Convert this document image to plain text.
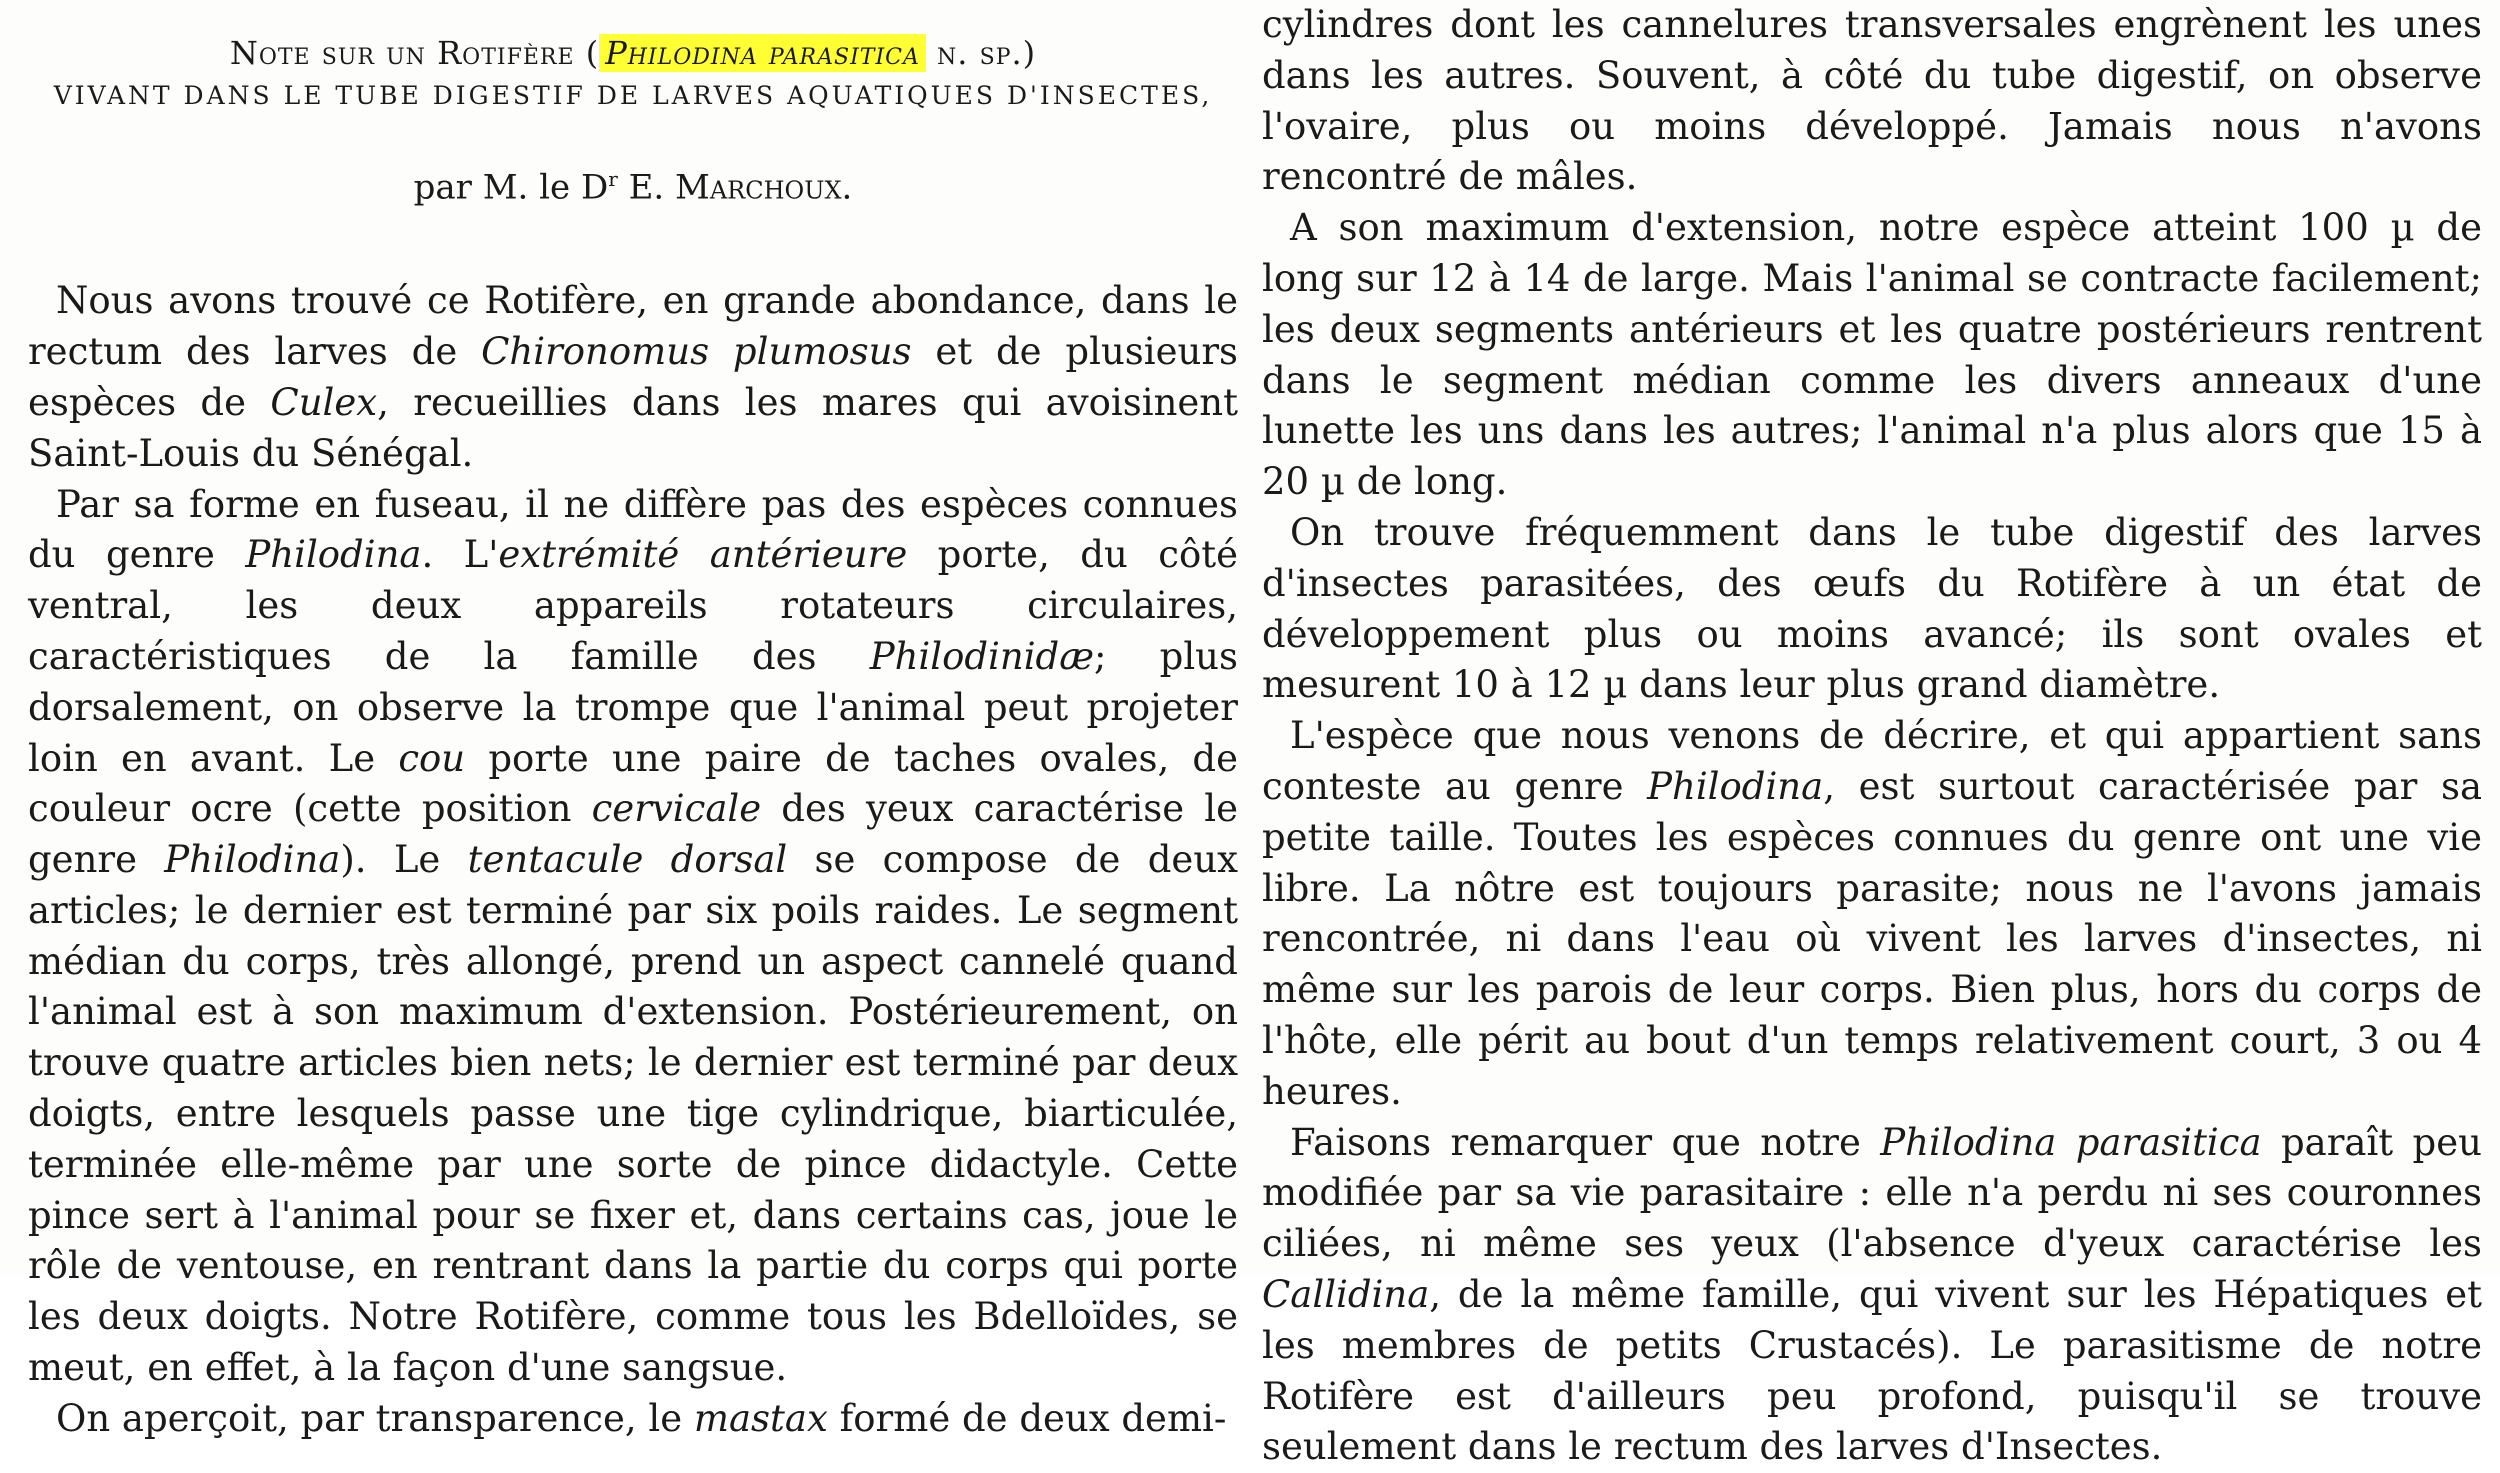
Note sur un Rotifère ( Philodina parasitica n. sp.)
VIVANT DANS LE TUBE DIGESTIF DE LARVES AQUATIQUES D'INSECTES,
par M. le $D^r$ E. Marchoux.

Nous avons trouvé ce Rotifère, en grande abondance, dans le rectum des larves de Chironomus plumosus et de plusieurs espèces de Culex, recueillies dans les mares qui avoisinent Saint-Louis du Sénégal.

Par sa forme en fuseau, il ne diffère pas des espèces connues du genre Philodina. L'extrémité antérieure porte, du côté ventral, les deux appareils rotateurs circulaires, caractéristiques de la famille des Philodinidæ; plus dorsalement, on observe la trompe que l'animal peut projeter loin en avant. Le cou porte une paire de taches ovales, de couleur ocre (cette position cervicale des yeux caractérise le genre Philodina). Le tentacule dorsal se compose de deux articles; le dernier est terminé par six poils raides. Le segment médian du corps, très allongé, prend un aspect cannelé quand l'animal est à son maximum d'extension. Postérieurement, on trouve quatre articles bien nets; le dernier est terminé par deux doigts, entre lesquels passe une tige cylindrique, biarticulée, terminée elle-même par une sorte de pince didactyle. Cette pince sert à l'animal pour se fixer et, dans certains cas, joue le rôle de ventouse, en rentrant dans la partie du corps qui porte les deux doigts. Notre Rotifère, comme tous les Bdelloïdes, se meut, en effet, à la façon d'une sangsue.

On aperçoit, par transparence, le mastax formé de deux demi-

cylindres dont les cannelures transversales engrènent les unes dans les autres. Souvent, à côté du tube digestif, on observe l'ovaire, plus ou moins développé. Jamais nous n'avons rencontré de mâles.

A son maximum d'extension, notre espèce atteint 100 µ de long sur 12 à 14 de large. Mais l'animal se contracte facilement; les deux segments antérieurs et les quatre postérieurs rentrent dans le segment médian comme les divers anneaux d'une lunette les uns dans les autres; l'animal n'a plus alors que 15 à 20 µ de long.

On trouve fréquemment dans le tube digestif des larves d'insectes parasitées, des œufs du Rotifère à un état de développement plus ou moins avancé; ils sont ovales et mesurent 10 à 12 µ dans leur plus grand diamètre.

L'espèce que nous venons de décrire, et qui appartient sans conteste au genre Philodina, est surtout caractérisée par sa petite taille. Toutes les espèces connues du genre ont une vie libre. La nôtre est toujours parasite; nous ne l'avons jamais rencontrée, ni dans l'eau où vivent les larves d'insectes, ni même sur les parois de leur corps. Bien plus, hors du corps de l'hôte, elle périt au bout d'un temps relativement court, 3 ou 4 heures.

Faisons remarquer que notre Philodina parasitica paraît peu modifiée par sa vie parasitaire : elle n'a perdu ni ses couronnes ciliées, ni même ses yeux (l'absence d'yeux caractérise les Callidina, de la même famille, qui vivent sur les Hépatiques et les membres de petits Crustacés). Le parasitisme de notre Rotifère est d'ailleurs peu profond, puisqu'il se trouve seulement dans le rectum des larves d'Insectes.
